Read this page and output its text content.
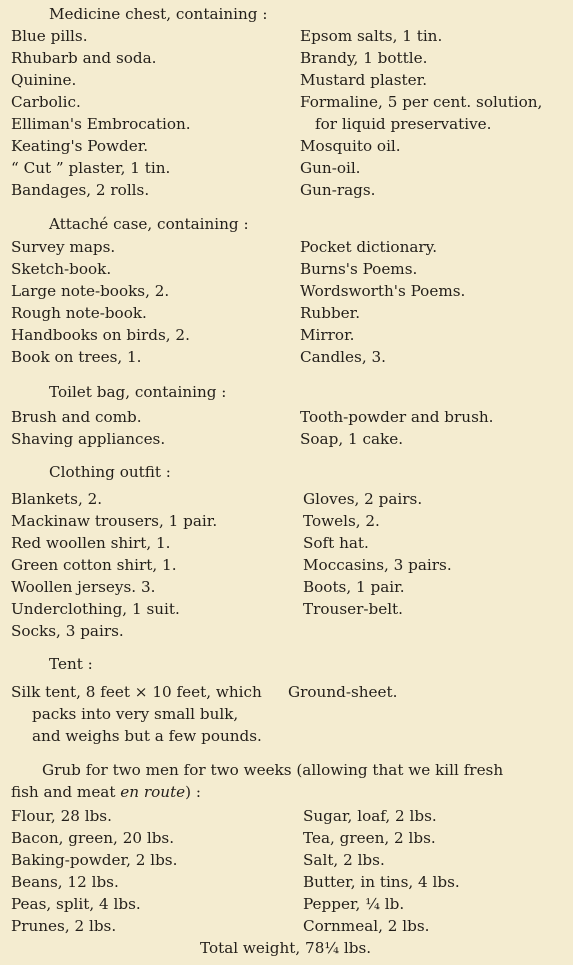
Medicine chest, containing :
Blue pills.
Rhubarb and soda.
Quinine.
Carbolic.
Elliman's Embrocation.
Keating's Powder.
“ Cut ” plaster, 1 tin.
Bandages, 2 rolls.
Epsom salts, 1 tin.
Brandy, 1 bottle.
Mustard plaster.
Formaline, 5 per cent. solution,
for liquid preservative.
Mosquito oil.
Gun-oil.
Gun-rags.
Attaché case, containing :
Survey maps.
Sketch-book.
Large note-books, 2.
Rough note-book.
Handbooks on birds, 2.
Book on trees, 1.
Pocket dictionary.
Burns's Poems.
Wordsworth's Poems.
Rubber.
Mirror.
Candles, 3.
Toilet bag, containing :
Brush and comb.
Shaving appliances.
Tooth-powder and brush.
Soap, 1 cake.
Clothing outfit :
Blankets, 2.
Mackinaw trousers, 1 pair.
Red woollen shirt, 1.
Green cotton shirt, 1.
Woollen jerseys. 3.
Underclothing, 1 suit.
Socks, 3 pairs.
Gloves, 2 pairs.
Towels, 2.
Soft hat.
Moccasins, 3 pairs.
Boots, 1 pair.
Trouser-belt.
Tent :
Silk tent, 8 feet × 10 feet, which
packs into very small bulk,
and weighs but a few pounds.
Ground-sheet.
Grub for two men for two weeks (allowing that we kill fresh
fish and meat en route) :
Flour, 28 lbs.
Bacon, green, 20 lbs.
Baking-powder, 2 lbs.
Beans, 12 lbs.
Peas, split, 4 lbs.
Prunes, 2 lbs.
Sugar, loaf, 2 lbs.
Tea, green, 2 lbs.
Salt, 2 lbs.
Butter, in tins, 4 lbs.
Pepper, ¼ lb.
Cornmeal, 2 lbs.
Total weight, 78¼ lbs.
